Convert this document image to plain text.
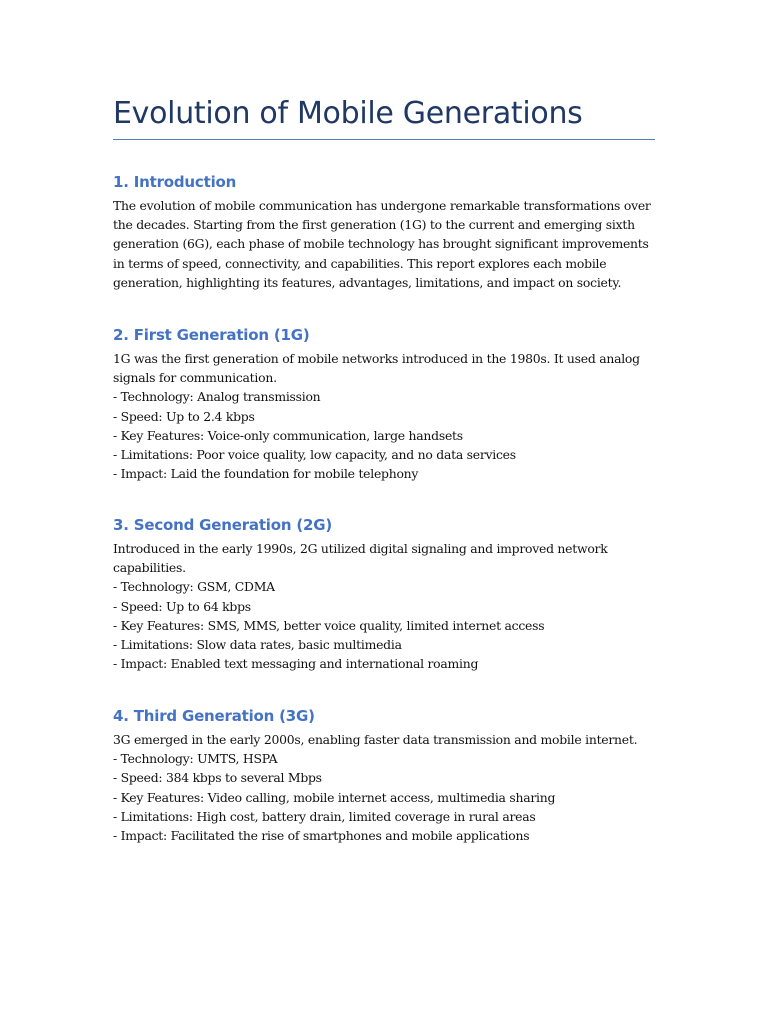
Evolution of Mobile Generations
1. Introduction

The evolution of mobile communication has undergone remarkable transformations over the decades. Starting from the first generation (1G) to the current and emerging sixth generation (6G), each phase of mobile technology has brought significant improvements in terms of speed, connectivity, and capabilities. This report explores each mobile generation, highlighting its features, advantages, limitations, and impact on society.

2. First Generation (1G)

1G was the first generation of mobile networks introduced in the 1980s. It used analog signals for communication.

- Technology: Analog transmission
- Speed: Up to 2.4 kbps
- Key Features: Voice-only communication, large handsets
- Limitations: Poor voice quality, low capacity, and no data services
- Impact: Laid the foundation for mobile telephony
3. Second Generation (2G)

Introduced in the early 1990s, 2G utilized digital signaling and improved network capabilities.

- Technology: GSM, CDMA
- Speed: Up to 64 kbps
- Key Features: SMS, MMS, better voice quality, limited internet access
- Limitations: Slow data rates, basic multimedia
- Impact: Enabled text messaging and international roaming
4. Third Generation (3G)

3G emerged in the early 2000s, enabling faster data transmission and mobile internet.

- Technology: UMTS, HSPA
- Speed: 384 kbps to several Mbps
- Key Features: Video calling, mobile internet access, multimedia sharing
- Limitations: High cost, battery drain, limited coverage in rural areas
- Impact: Facilitated the rise of smartphones and mobile applications
